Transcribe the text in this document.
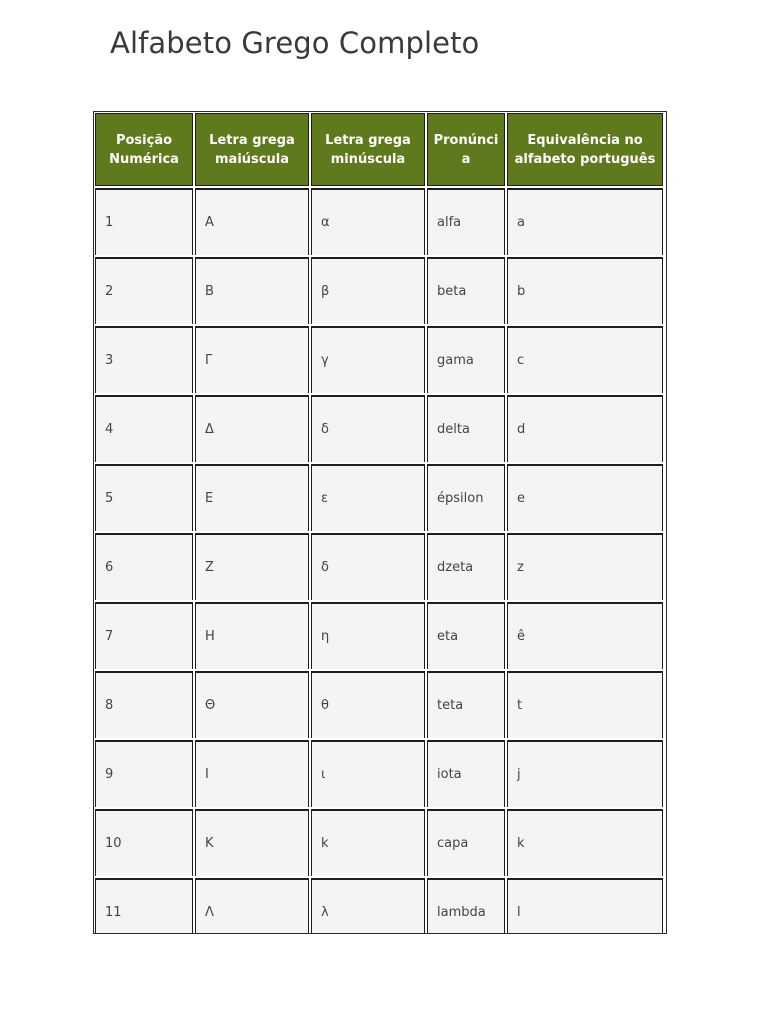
Alfabeto Grego Completo
Posição Numérica	Letra grega maiúscula	Letra grega minúscula	Pronúncia	Equivalência no alfabeto português
1	Α	α	alfa	a
2	Β	β	beta	b
3	Γ	γ	gama	c
4	Δ	δ	delta	d
5	Ε	ε	épsilon	e
6	Ζ	δ	dzeta	z
7	Η	η	eta	ê
8	Θ	θ	teta	t
9	Ι	ι	iota	j
10	Κ	k	capa	k
11	Λ	λ	lambda	l
